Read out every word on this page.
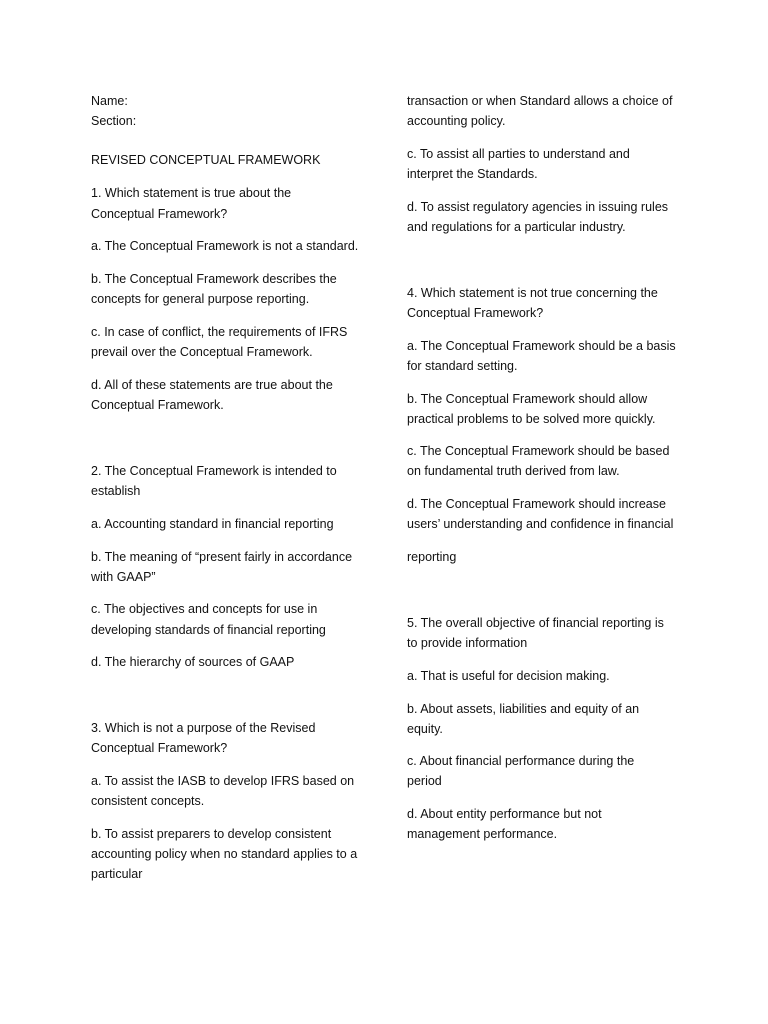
Name:
Section:
REVISED CONCEPTUAL FRAMEWORK
1. Which statement is true about the
Conceptual Framework?
a. The Conceptual Framework is not a standard.
b. The Conceptual Framework describes the
concepts for general purpose reporting.
c. In case of conflict, the requirements of IFRS
prevail over the Conceptual Framework.
d. All of these statements are true about the
Conceptual Framework.
2. The Conceptual Framework is intended to
establish
a. Accounting standard in financial reporting
b. The meaning of “present fairly in accordance
with GAAP”
c. The objectives and concepts for use in
developing standards of financial reporting
d. The hierarchy of sources of GAAP
3. Which is not a purpose of the Revised
Conceptual Framework?
a. To assist the IASB to develop IFRS based on
consistent concepts.
b. To assist preparers to develop consistent
accounting policy when no standard applies to a
particular
transaction or when Standard allows a choice of
accounting policy.
c. To assist all parties to understand and
interpret the Standards.
d. To assist regulatory agencies in issuing rules
and regulations for a particular industry.
4. Which statement is not true concerning the
Conceptual Framework?
a. The Conceptual Framework should be a basis
for standard setting.
b. The Conceptual Framework should allow
practical problems to be solved more quickly.
c. The Conceptual Framework should be based
on fundamental truth derived from law.
d. The Conceptual Framework should increase
users’ understanding and confidence in financial
reporting
5. The overall objective of financial reporting is
to provide information
a. That is useful for decision making.
b. About assets, liabilities and equity of an
equity.
c. About financial performance during the
period
d. About entity performance but not
management performance.
